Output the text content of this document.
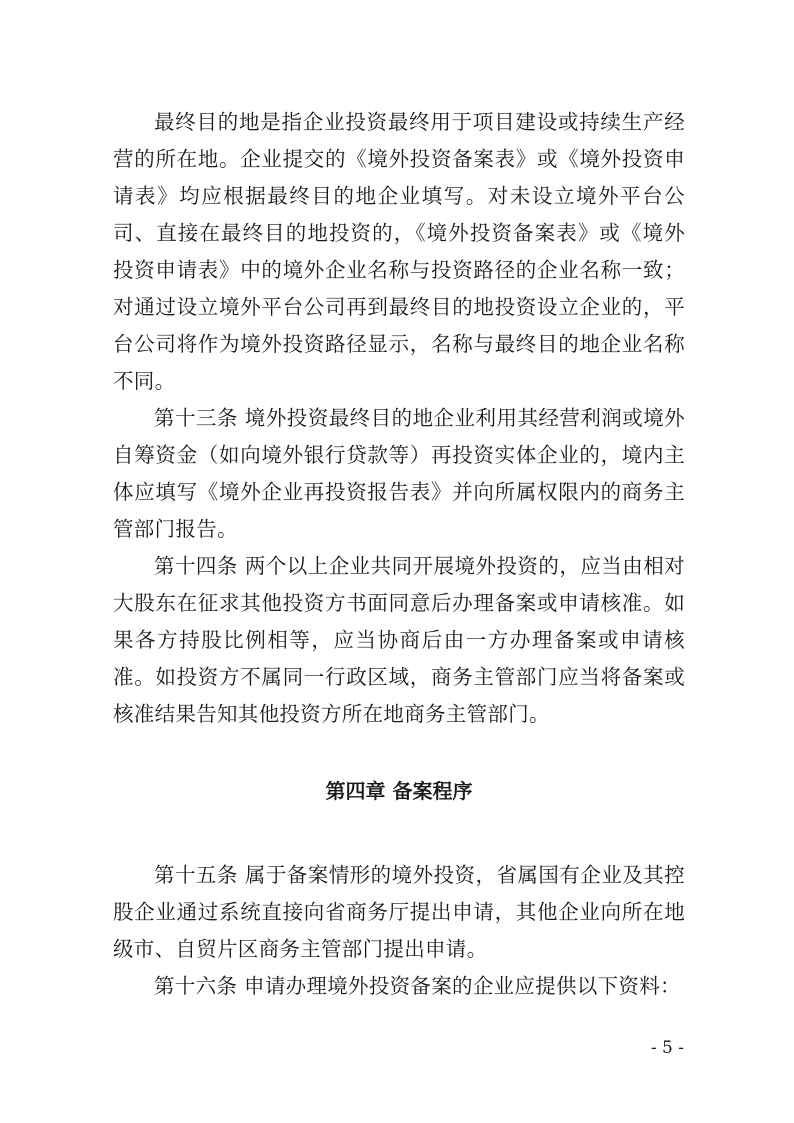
最终目的地是指企业投资最终用于项目建设或持续生产经营的所在地。企业提交的《境外投资备案表》或《境外投资申请表》均应根据最终目的地企业填写。对未设立境外平台公司、直接在最终目的地投资的，《境外投资备案表》或《境外投资申请表》中的境外企业名称与投资路径的企业名称一致；对通过设立境外平台公司再到最终目的地投资设立企业的，平台公司将作为境外投资路径显示，名称与最终目的地企业名称不同。

第十三条 境外投资最终目的地企业利用其经营利润或境外自筹资金（如向境外银行贷款等）再投资实体企业的，境内主体应填写《境外企业再投资报告表》并向所属权限内的商务主管部门报告。

第十四条 两个以上企业共同开展境外投资的，应当由相对大股东在征求其他投资方书面同意后办理备案或申请核准。如果各方持股比例相等，应当协商后由一方办理备案或申请核准。如投资方不属同一行政区域，商务主管部门应当将备案或核准结果告知其他投资方所在地商务主管部门。

第四章 备案程序

第十五条 属于备案情形的境外投资，省属国有企业及其控股企业通过系统直接向省商务厅提出申请，其他企业向所在地级市、自贸片区商务主管部门提出申请。

第十六条 申请办理境外投资备案的企业应提供以下资料：

- 5 -
